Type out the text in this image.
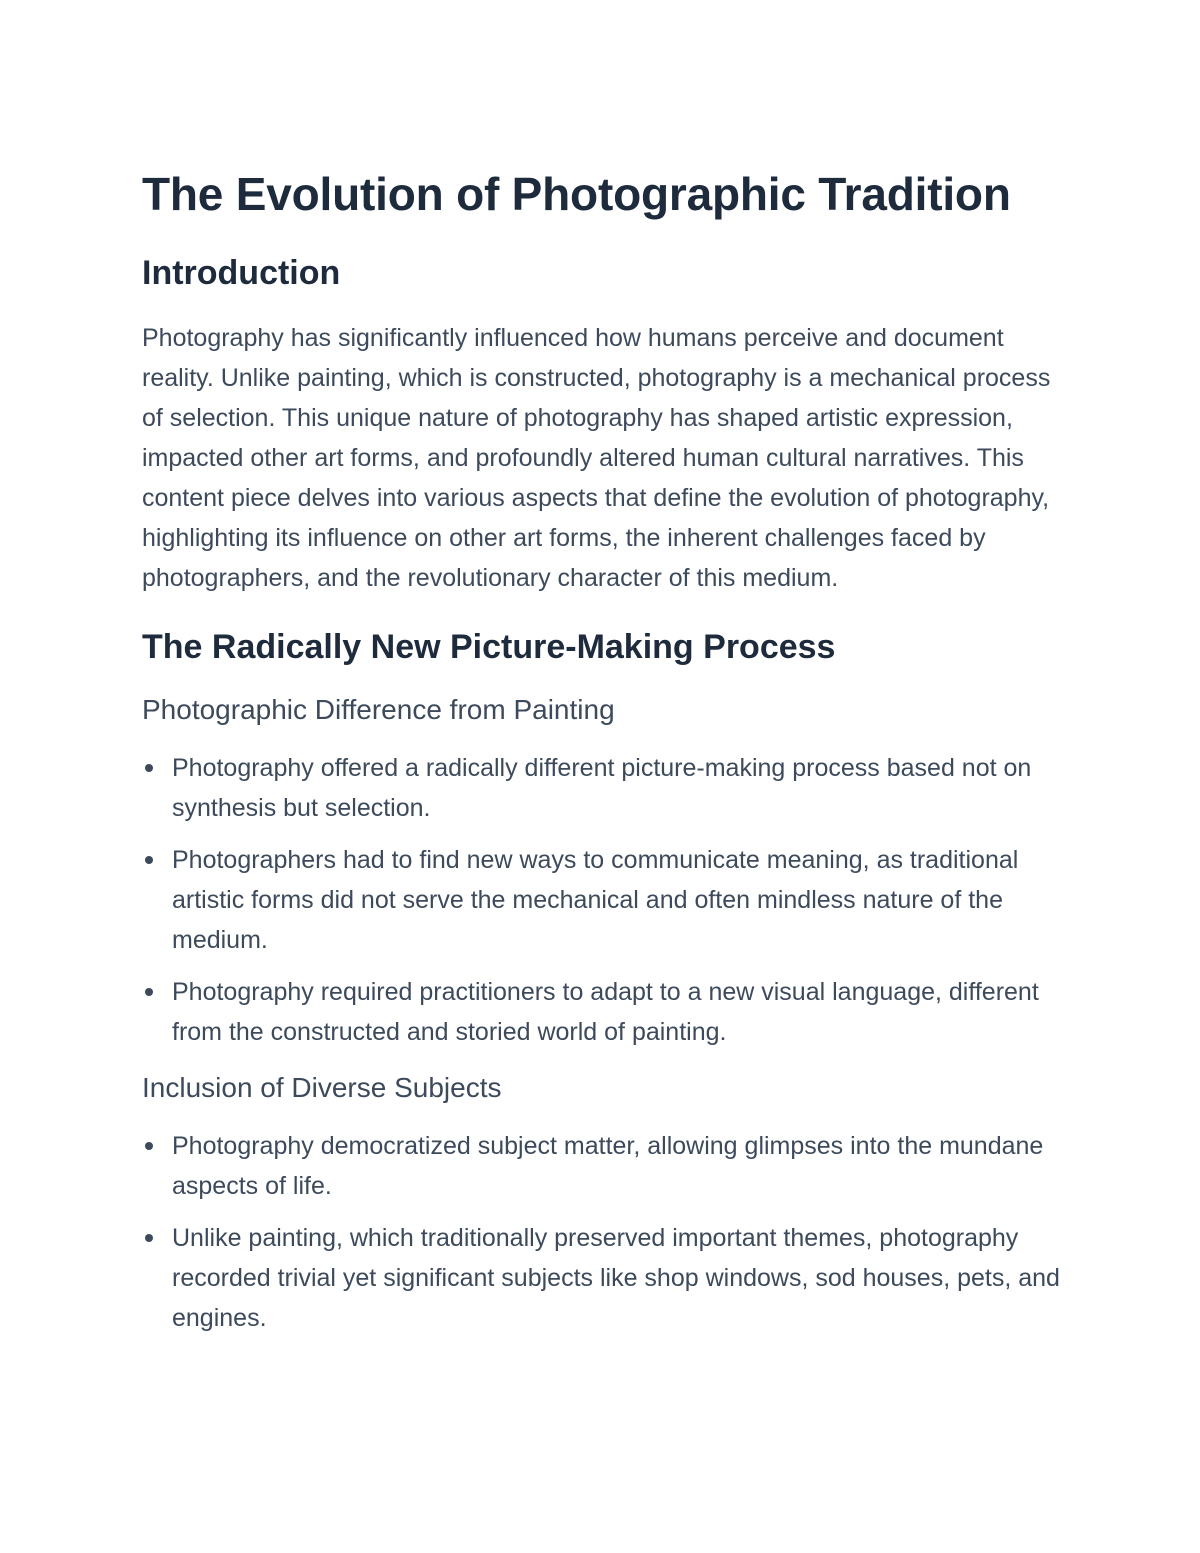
The Evolution of Photographic Tradition
Introduction

Photography has significantly influenced how humans perceive and document reality. Unlike painting, which is constructed, photography is a mechanical process of selection. This unique nature of photography has shaped artistic expression, impacted other art forms, and profoundly altered human cultural narratives. This content piece delves into various aspects that define the evolution of photography, highlighting its influence on other art forms, the inherent challenges faced by photographers, and the revolutionary character of this medium.

The Radically New Picture-Making Process
Photographic Difference from Painting
Photography offered a radically different picture-making process based not on synthesis but selection.
Photographers had to find new ways to communicate meaning, as traditional artistic forms did not serve the mechanical and often mindless nature of the medium.
Photography required practitioners to adapt to a new visual language, different from the constructed and storied world of painting.
Inclusion of Diverse Subjects
Photography democratized subject matter, allowing glimpses into the mundane aspects of life.
Unlike painting, which traditionally preserved important themes, photography recorded trivial yet significant subjects like shop windows, sod houses, pets, and engines.
